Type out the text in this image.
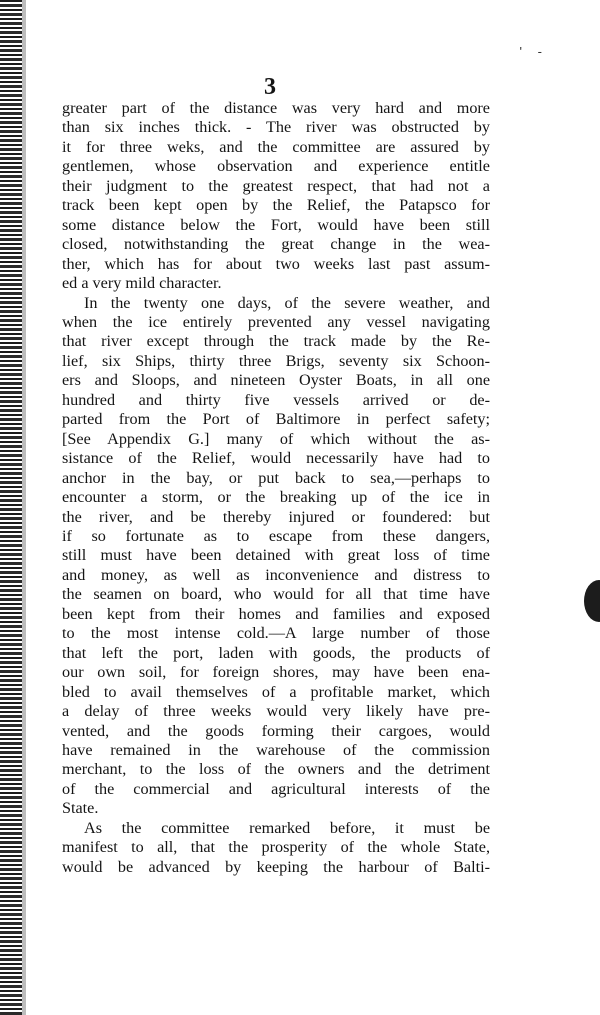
' -
3
greater part of the distance was very hard and more
than six inches thick. - The river was obstructed by
it for three weks, and the committee are assured by
gentlemen, whose observation and experience entitle
their judgment to the greatest respect, that had not a
track been kept open by the Relief, the Patapsco for
some distance below the Fort, would have been still
closed, notwithstanding the great change in the wea-
ther, which has for about two weeks last past assum-
ed a very mild character.
In the twenty one days, of the severe weather, and
when the ice entirely prevented any vessel navigating
that river except through the track made by the Re-
lief, six Ships, thirty three Brigs, seventy six Schoon-
ers and Sloops, and nineteen Oyster Boats, in all one
hundred and thirty five vessels arrived or de-
parted from the Port of Baltimore in perfect safety;
[See Appendix G.] many of which without the as-
sistance of the Relief, would necessarily have had to
anchor in the bay, or put back to sea,—perhaps to
encounter a storm, or the breaking up of the ice in
the river, and be thereby injured or foundered: but
if so fortunate as to escape from these dangers,
still must have been detained with great loss of time
and money, as well as inconvenience and distress to
the seamen on board, who would for all that time have
been kept from their homes and families and exposed
to the most intense cold.—A large number of those
that left the port, laden with goods, the products of
our own soil, for foreign shores, may have been ena-
bled to avail themselves of a profitable market, which
a delay of three weeks would very likely have pre-
vented, and the goods forming their cargoes, would
have remained in the warehouse of the commission
merchant, to the loss of the owners and the detriment
of the commercial and agricultural interests of the
State.
As the committee remarked before, it must be
manifest to all, that the prosperity of the whole State,
would be advanced by keeping the harbour of Balti-
